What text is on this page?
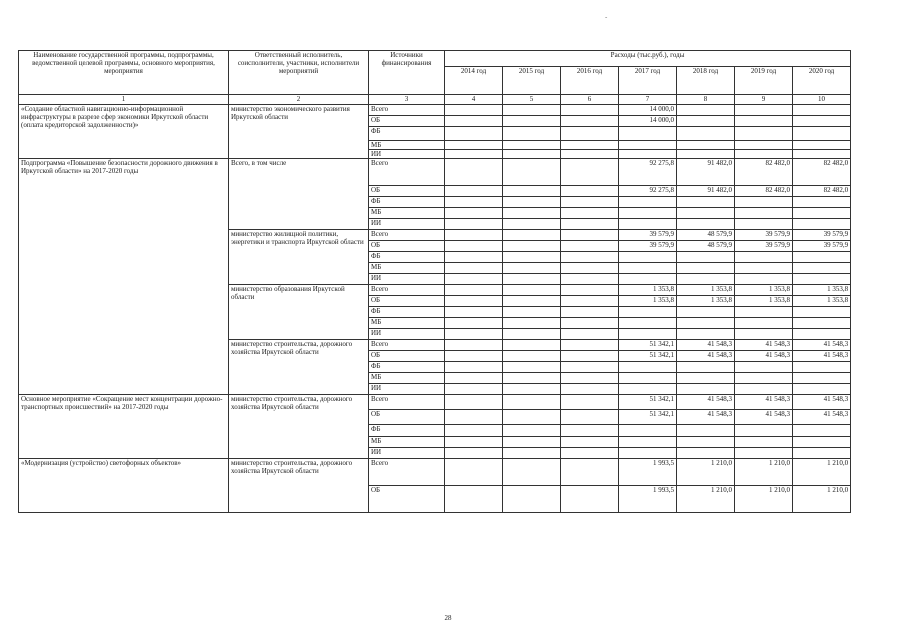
-
Наименование государственной программы, подпрограммы, ведомственной целевой программы, основного мероприятия, мероприятия	Ответственный исполнитель, соисполнители, участники, исполнители мероприятий	Источники финансирования	Расходы (тыс.руб.), годы						
			2014 год	2015 год	2016 год	2017 год	2018 год	2019 год	2020 год
1	2	3	4	5	6	7	8	9	10
«Создание областной навигационно-информационной инфраструктуры в разрезе сфер экономики Иркутской области (оплата кредиторской задолженности)»	министерство экономического развития Иркутской области	Всего				14 000,0			
		ОБ				14 000,0			
		ФБ							
		МБ							
		ИИ							
Подпрограмма «Повышение безопасности дорожного движения в Иркутской области» на 2017-2020 годы	Всего, в том числе	Всего				92 275,8	91 482,0	82 482,0	82 482,0
		ОБ				92 275,8	91 482,0	82 482,0	82 482,0
		ФБ							
		МБ							
		ИИ							
	министерство жилищной политики, энергетики и транспорта Иркутской области	Всего				39 579,9	48 579,9	39 579,9	39 579,9
		ОБ				39 579,9	48 579,9	39 579,9	39 579,9
		ФБ							
		МБ							
		ИИ							
	министерство образования Иркутской области	Всего				1 353,8	1 353,8	1 353,8	1 353,8
		ОБ				1 353,8	1 353,8	1 353,8	1 353,8
		ФБ							
		МБ							
		ИИ							
	министерство строительства, дорожного хозяйства Иркутской области	Всего				51 342,1	41 548,3	41 548,3	41 548,3
		ОБ				51 342,1	41 548,3	41 548,3	41 548,3
		ФБ							
		МБ							
		ИИ							
Основное мероприятие «Сокращение мест концентрации дорожно-транспортных происшествий» на 2017-2020 годы	министерство строительства, дорожного хозяйства Иркутской области	Всего				51 342,1	41 548,3	41 548,3	41 548,3
		ОБ				51 342,1	41 548,3	41 548,3	41 548,3
		ФБ							
		МБ							
		ИИ							
«Модернизация (устройство) светофорных объектов»	министерство строительства, дорожного хозяйства Иркутской области	Всего				1 993,5	1 210,0	1 210,0	1 210,0
		ОБ				1 993,5	1 210,0	1 210,0	1 210,0
28
